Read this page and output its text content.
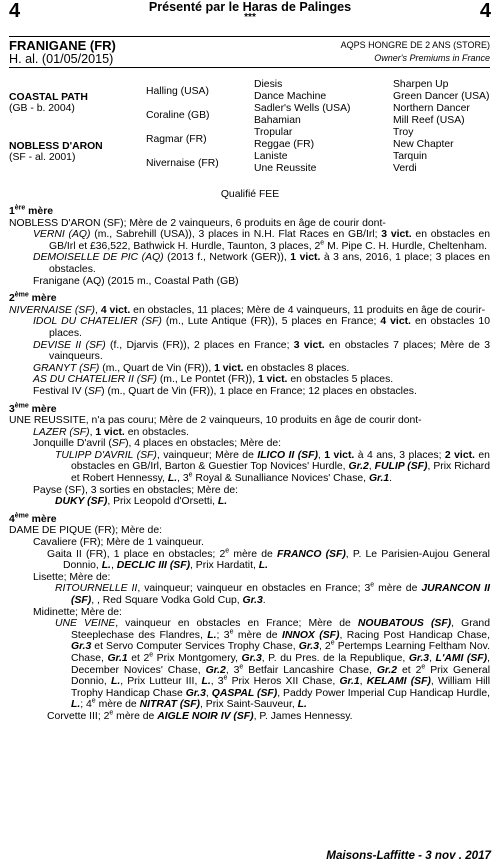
4	Présenté par le Haras de Palinges
***	4
FRANIGANE (FR)
H. al. (01/05/2015)
AQPS HONGRE DE 2 ANS (STORE)
Owner's Premiums in France
COASTAL PATH
(GB - b. 2004)
NOBLESS D'ARON
(SF - al. 2001)
Halling (USA)
Coraline (GB)
Ragmar (FR)
Nivernaise (FR)
Diesis
Dance Machine
Sadler's Wells (USA)
Bahamian
Tropular
Reggae (FR)
Laniste
Une Reussite
Sharpen Up
Green Dancer (USA)
Northern Dancer
Mill Reef (USA)
Troy
New Chapter
Tarquin
Verdi
Qualifié FEE
1ère mère
NOBLESS D'ARON (SF); Mère de 2 vainqueurs, 6 produits en âge de courir dont-
VERNI (AQ) (m., Sabrehill (USA)), 3 places in N.H. Flat Races en GB/Irl; 3 vict. en obstacles en GB/Irl et £36,522, Bathwick H. Hurdle, Taunton, 3 places, 2e M. Pipe C. H. Hurdle, Cheltenham.
DEMOISELLE DE PIC (AQ) (2013 f., Network (GER)), 1 vict. à 3 ans, 2016, 1 place; 3 places en obstacles.
Franigane (AQ) (2015 m., Coastal Path (GB)
2ème mère
NIVERNAISE (SF), 4 vict. en obstacles, 11 places; Mère de 4 vainqueurs, 11 produits en âge de courir-
IDOL DU CHATELIER (SF) (m., Lute Antique (FR)), 5 places en France; 4 vict. en obstacles 10 places.
DEVISE II (SF) (f., Djarvis (FR)), 2 places en France; 3 vict. en obstacles 7 places; Mère de 3 vainqueurs.
GRANYT (SF) (m., Quart de Vin (FR)), 1 vict. en obstacles 8 places.
AS DU CHATELIER II (SF) (m., Le Pontet (FR)), 1 vict. en obstacles 5 places.
Festival IV (SF) (m., Quart de Vin (FR)), 1 place en France; 12 places en obstacles.
3ème mère
UNE REUSSITE, n'a pas couru; Mère de 2 vainqueurs, 10 produits en âge de courir dont-
LAZER (SF), 1 vict. en obstacles.
Jonquille D'avril (SF), 4 places en obstacles; Mère de:
TULIPP D'AVRIL (SF), vainqueur; Mère de ILICO II (SF), 1 vict. à 4 ans, 3 places; 2 vict. en obstacles en GB/Irl, Barton & Guestier Top Novices' Hurdle, Gr.2, FULIP (SF), Prix Richard et Robert Hennessy, L., 3e Royal & Sunalliance Novices' Chase, Gr.1.
Payse (SF), 3 sorties en obstacles; Mère de:
DUKY (SF), Prix Leopold d'Orsetti, L.
4ème mère
DAME DE PIQUE (FR); Mère de:
Cavaliere (FR); Mère de 1 vainqueur.
Gaita II (FR), 1 place en obstacles; 2e mère de FRANCO (SF), P. Le Parisien-Aujou General Donnio, L., DECLIC III (SF), Prix Hardatit, L.
Lisette; Mère de:
RITOURNELLE II, vainqueur; vainqueur en obstacles en France; 3e mère de JURANCON II (SF), , Red Square Vodka Gold Cup, Gr.3.
Midinette; Mère de:
UNE VEINE, vainqueur en obstacles en France; Mère de NOUBATOUS (SF), Grand Steeplechase des Flandres, L.; 3e mère de INNOX (SF), Racing Post Handicap Chase, Gr.3 et Servo Computer Services Trophy Chase, Gr.3, 2e Pertemps Learning Feltham Nov. Chase, Gr.1 et 2e Prix Montgomery, Gr.3, P. du Pres. de la Republique, Gr.3, L'AMI (SF), December Novices' Chase, Gr.2, 3e Betfair Lancashire Chase, Gr.2 et 2e Prix General Donnio, L., Prix Lutteur III, L., 3e Prix Heros XII Chase, Gr.1, KELAMI (SF), William Hill Trophy Handicap Chase Gr.3, QASPAL (SF), Paddy Power Imperial Cup Handicap Hurdle, L.; 4e mère de NITRAT (SF), Prix Saint-Sauveur, L.
Corvette III; 2e mère de AIGLE NOIR IV (SF), P. James Hennessy.
Maisons-Laffitte - 3 nov . 2017
